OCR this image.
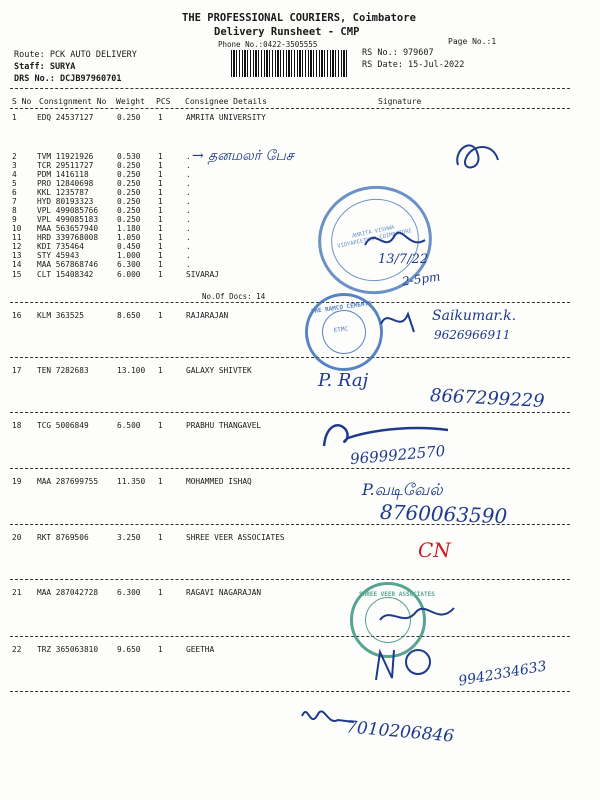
THE PROFESSIONAL COURIERS, Coimbatore
Delivery Runsheet - CMP
Phone No.:0422-3505555	Page No.:1
Route: PCK AUTO DELIVERY
Staff: SURYA
DRS No.: DCJB97960701
RS No.: 979607
RS Date: 15-Jul-2022
S No Consignment No Weight PCS Consignee Details	Signature
1	EDQ 24537127	0.250 1	AMRITA UNIVERSITY
2	TVM 11921926	0.530 1	.
3	TCR 29511727	0.250 1	.
4	PDM 1416118	0.250 1	.
5	PRO 12840698	0.250 1	.
6	KKL 1235787	0.250 1	.
7	HYD 80193323	0.250 1	.
8	VPL 499085766 0.250 1	.
9	VPL 499085183 0.250 1	.
10 MAA 563657940 1.180 1	.
11 HRD 339768008 1.050 1	.
12 KDI 735464	0.450 1	.
13 STY 45943	1.000 1	.
14 MAA 567868746 6.300 1	.
15 CLT 15408342	6.000 1	SIVARAJ
16 KLM 363525	8.650 1	RAJARAJAN
17 TEN 7282683	13.100 1	GALAXY SHIVTEK
18 TCG 5006849	6.500 1	PRABHU THANGAVEL
19 MAA 287699755 11.350 1	MOHAMMED ISHAQ
20 RKT 8769506	3.250 1	SHREE VEER ASSOCIATES
21 MAA 287042728 6.300 1	RAGAVI NAGARAJAN
22 TRZ 365063810 9.650 1	GEETHA
No.Of Docs: 14
AMRITA VISHWA VIDYAPEETHAM COIMBATORE
THE RAMCO CEMENTS
ETMC
SHREE VEER ASSOCIATES
→ தனமலர் பேச
13/7/22
2-5pm
Saikumar.k.
9626966911
P. Raj
8667299229
9699922570
P.வடிவேல்
8760063590
CN
9942334633
7010206846
